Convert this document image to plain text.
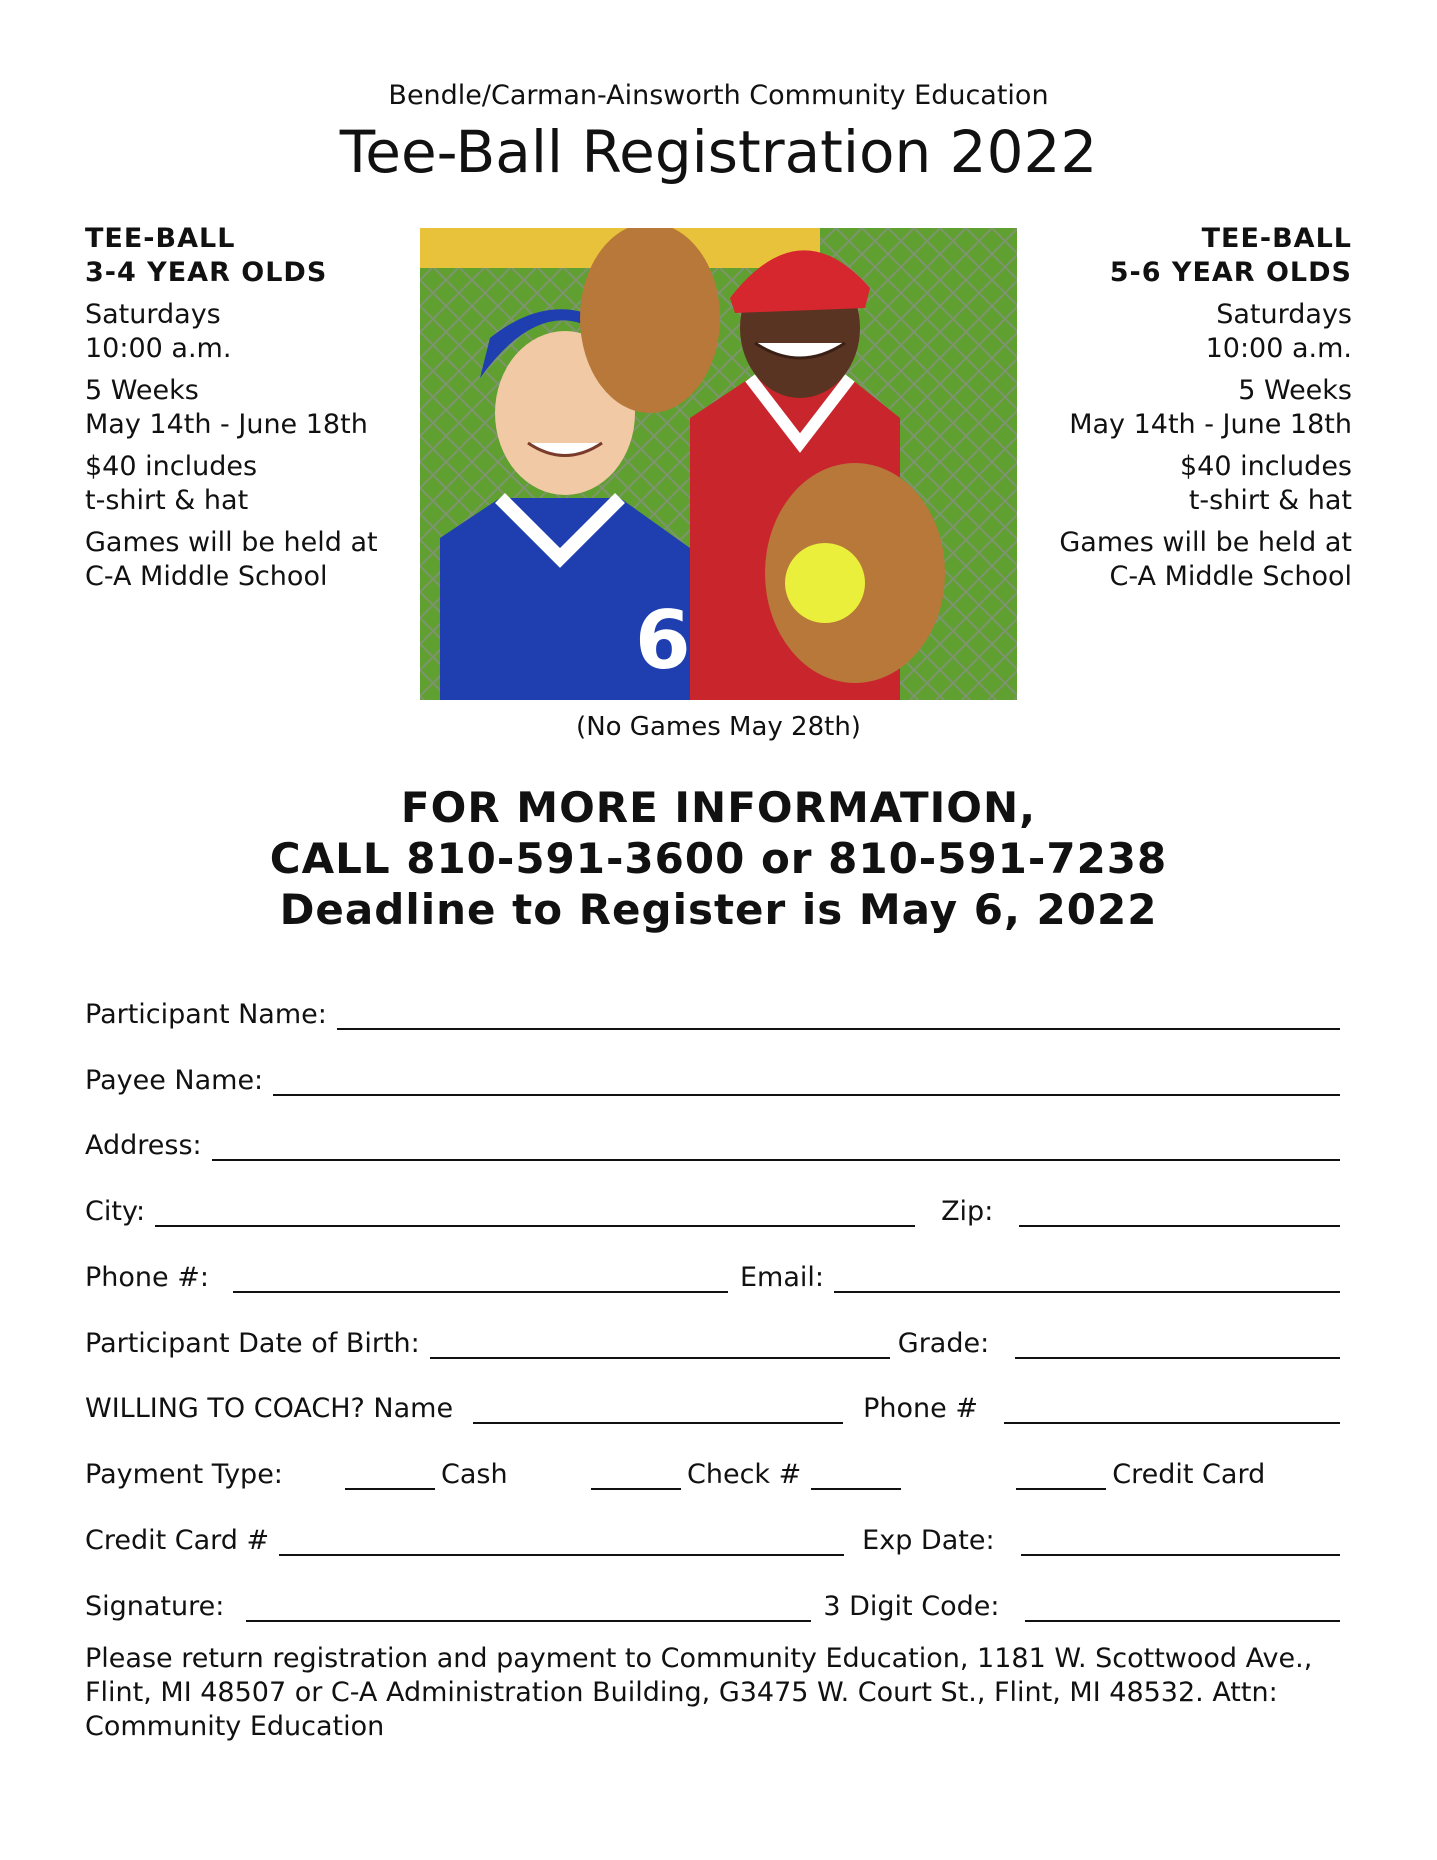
Bendle/Carman-Ainsworth Community Education
Tee-Ball Registration 2022
TEE-BALL
3-4 YEAR OLDS
Saturdays
10:00 a.m.
5 Weeks
May 14th - June 18th
$40 includes
t-shirt & hat
Games will be held at
C-A Middle School
TEE-BALL
5-6 YEAR OLDS
Saturdays
10:00 a.m.
5 Weeks
May 14th - June 18th
$40 includes
t-shirt & hat
Games will be held at
C-A Middle School
6
(No Games May 28th)
FOR MORE INFORMATION,
CALL 810-591-3600 or 810-591-7238
Deadline to Register is May 6, 2022
Participant Name:
Payee Name:
Address:
City:	Zip:
Phone #:	Email:
Participant Date of Birth:	Grade:
WILLING TO COACH? Name	Phone #
Payment Type:	Cash	Check #	Credit Card
Credit Card #	Exp Date:
Signature:	3 Digit Code:
Please return registration and payment to Community Education, 1181 W. Scottwood Ave., Flint, MI 48507 or C-A Administration Building, G3475 W. Court St., Flint, MI 48532. Attn: Community Education
